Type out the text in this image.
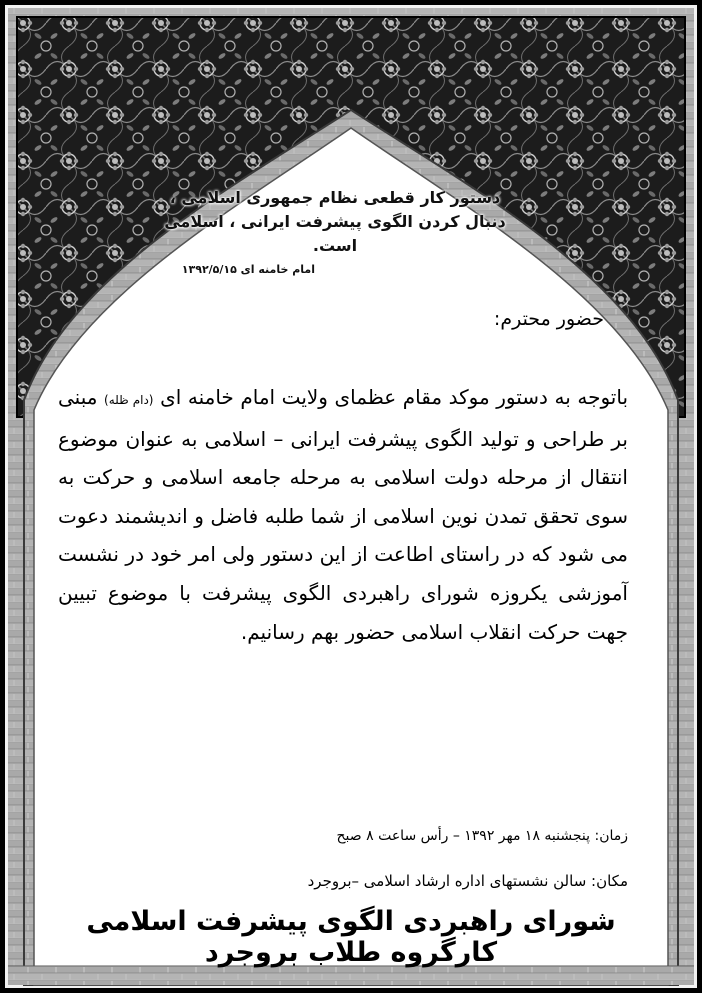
دستور کار قطعی نظام جمهوری اسلامی ،
دنبال کردن الگوی پیشرفت ایرانی ، اسلامی است.
امام خامنه ای ۱۳۹۲/۵/۱۵
حضور محترم:
باتوجه به دستور موکد مقام عظمای ولایت امام خامنه ای (دام ظله) مبنی بر طراحی و تولید الگوی پیشرفت ایرانی – اسلامی به عنوان موضوع انتقال از مرحله دولت اسلامی به مرحله جامعه اسلامی و حرکت به سوی تحقق تمدن نوین اسلامی از شما طلبه فاضل و اندیشمند دعوت می شود که در راستای اطاعت از این دستور ولی امر خود در نشست آموزشی یکروزه شورای راهبردی الگوی پیشرفت با موضوع تبیین جهت حرکت انقلاب اسلامی حضور بهم رسانیم.
زمان: پنجشنبه ۱۸ مهر ۱۳۹۲ – رأس ساعت ۸ صبح
مکان: سالن نشستهای اداره ارشاد اسلامی –بروجرد
شورای راهبردی الگوی پیشرفت اسلامی کارگروه طلاب بروجرد
